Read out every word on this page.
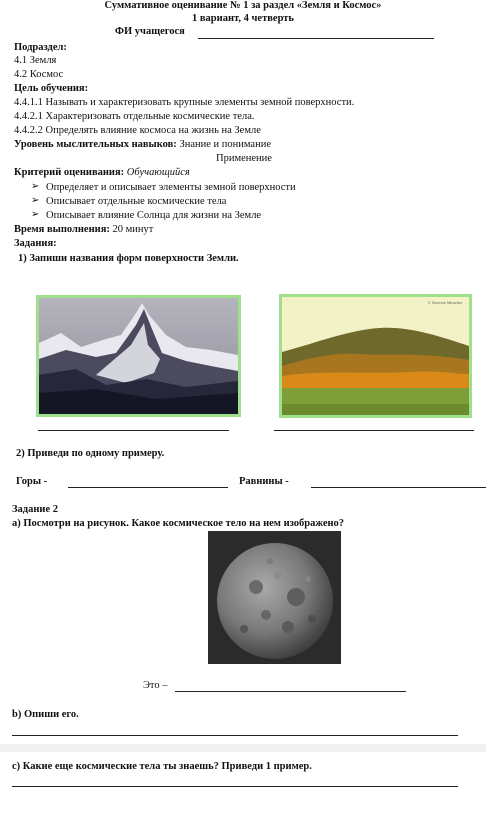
Суммативное оценивание № 1 за раздел «Земля и Космос»
1 вариант, 4 четверть
ФИ учащегося
Подраздел:
4.1 Земля
4.2 Космос
Цель обучения:
4.4.1.1 Называть и характеризовать крупные элементы земной поверхности.
4.4.2.1 Характеризовать отдельные космические тела.
4.4.2.2 Определять влияние космоса на жизнь на Земле
Уровень мыслительных навыков: Знание и понимание
Применение
Критерий оценивания: Обучающийся
➢ Определяет и описывает элементы земной поверхности
➢ Описывает отдельные космические тела
➢ Описывает влияние Солнца для жизни на Земле
Время выполнения: 20 минут
Задания:
1) Запиши названия форм поверхности Земли.
© Science Miracles
2) Приведи по одному примеру.
Горы -	Равнины -
Задание 2
а) Посмотри на рисунок. Какое космическое тело на нем изображено?
Это –
b) Опиши его.
с) Какие еще космические тела ты знаешь? Приведи 1 пример.
